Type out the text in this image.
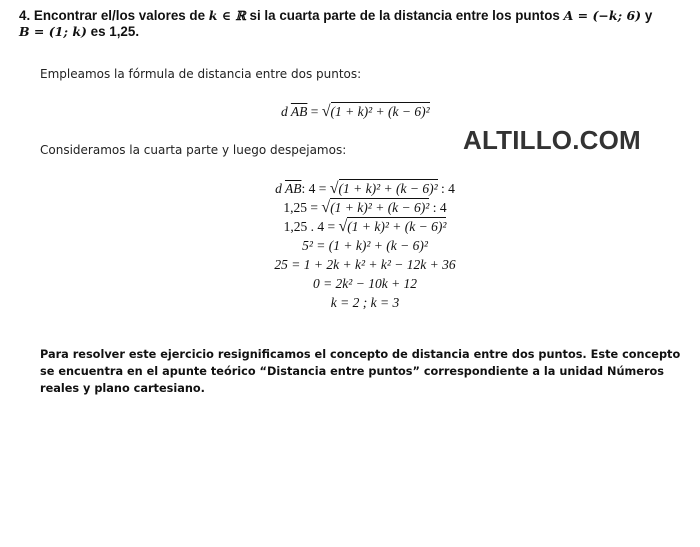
4. Encontrar el/los valores de k ∈ ℝ si la cuarta parte de la distancia entre los puntos A = (−k; 6) y
B = (1; k) es 1,25.
Empleamos la fórmula de distancia entre dos puntos:
d $\overline{AB} = √(1 + k)^2 + (k - 6)^2$
ALTILLO.COM
Consideramos la cuarta parte y luego despejamos:
d $\overline{AB}$: 4 = √(1 + k)² + (k − 6)² : 4
1,25 = √(1 + k)² + (k − 6)² : 4
1,25 . 4 = √(1 + k)² + (k − 6)²
5² = (1 + k)² + (k − 6)²
25 = 1 + 2k + k² + k² − 12k + 36
0 = 2k² − 10k + 12
k = 2 ; k = 3
Para resolver este ejercicio resignificamos el concepto de distancia entre dos puntos. Este concepto se encuentra en el apunte teórico “Distancia entre puntos” correspondiente a la unidad Números reales y plano cartesiano.
